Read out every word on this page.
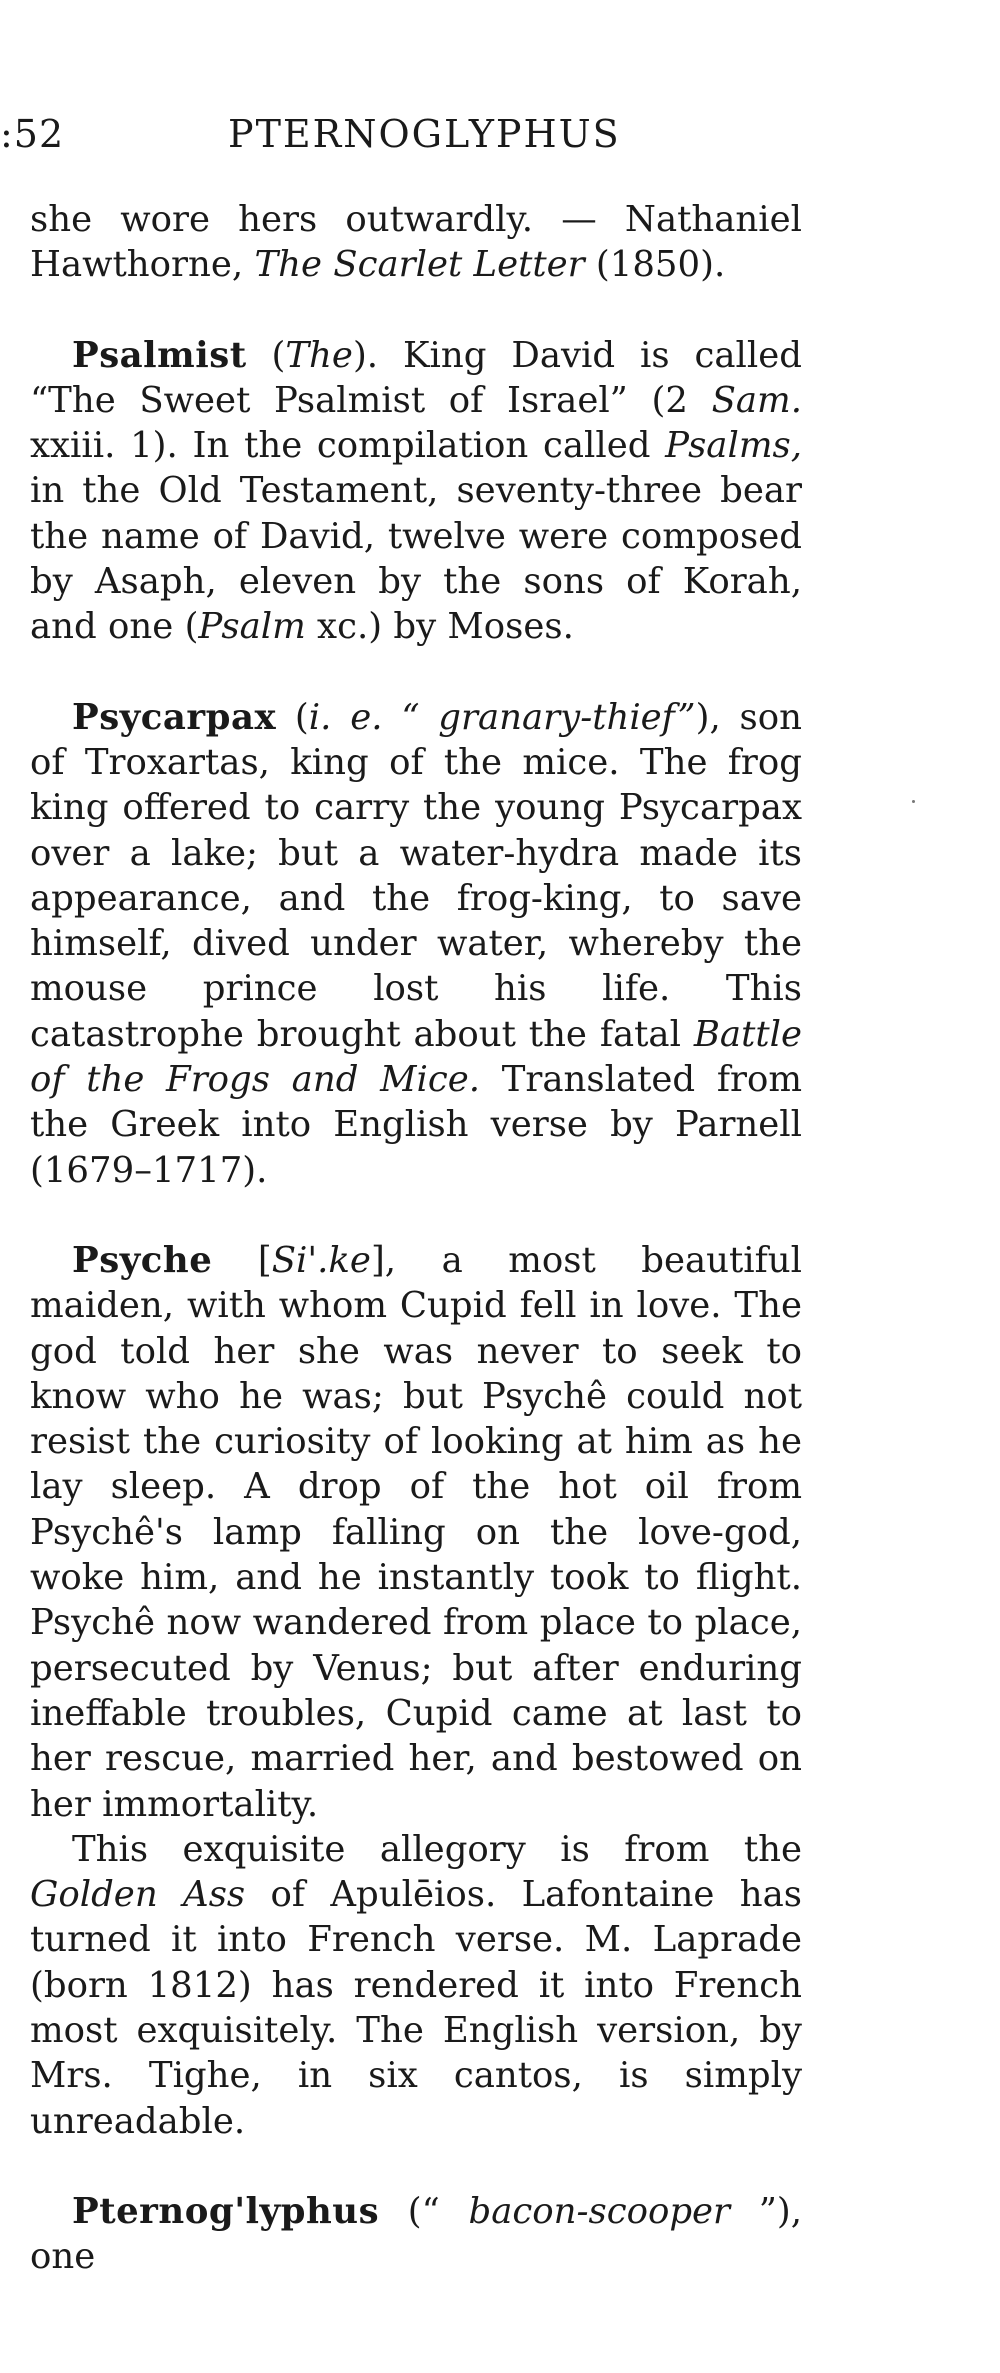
:52	PTERNOGLYPHUS

she wore hers outwardly. — Nathaniel Hawthorne, The Scarlet Letter (1850).

Psalmist (The). King David is called “The Sweet Psalmist of Israel” (2 Sam. xxiii. 1). In the compilation called Psalms, in the Old Testament, seventy-three bear the name of David, twelve were composed by Asaph, eleven by the sons of Korah, and one (Psalm xc.) by Moses.

Psycarpax (i. e. “ granary-thief”), son of Troxartas, king of the mice. The frog king offered to carry the young Psycarpax over a lake; but a water-hydra made its appearance, and the frog-king, to save himself, dived under water, whereby the mouse prince lost his life. This catastrophe brought about the fatal Battle of the Frogs and Mice. Translated from the Greek into English verse by Parnell (1679–1717).

Psyche [Si'.ke], a most beautiful maiden, with whom Cupid fell in love. The god told her she was never to seek to know who he was; but Psychê could not resist the curiosity of looking at him as he lay sleep. A drop of the hot oil from Psychê's lamp falling on the love-god, woke him, and he instantly took to flight. Psychê now wandered from place to place, persecuted by Venus; but after enduring ineffable troubles, Cupid came at last to her rescue, married her, and bestowed on her immortality.

This exquisite allegory is from the Golden Ass of Apulēios. Lafontaine has turned it into French verse. M. Laprade (born 1812) has rendered it into French most exquisitely. The English version, by Mrs. Tighe, in six cantos, is simply unreadable.

Pternog'lyphus (“ bacon-scooper ”), one
